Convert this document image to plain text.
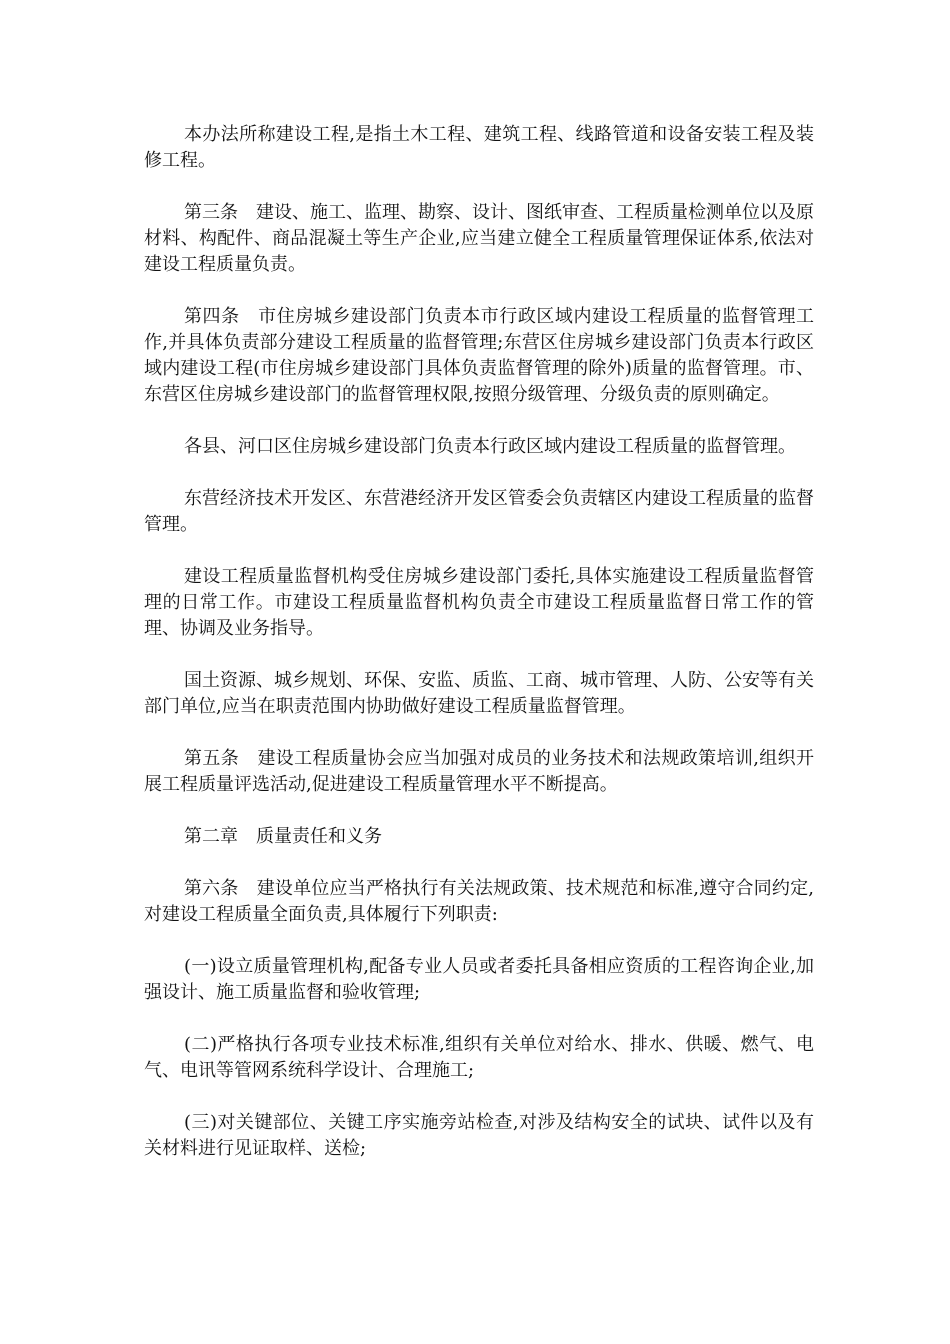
本办法所称建设工程,是指土木工程、建筑工程、线路管道和设备安装工程及装修工程。

第三条　建设、施工、监理、勘察、设计、图纸审查、工程质量检测单位以及原材料、构配件、商品混凝土等生产企业,应当建立健全工程质量管理保证体系,依法对建设工程质量负责。

第四条　市住房城乡建设部门负责本市行政区域内建设工程质量的监督管理工作,并具体负责部分建设工程质量的监督管理;东营区住房城乡建设部门负责本行政区域内建设工程(市住房城乡建设部门具体负责监督管理的除外)质量的监督管理。市、东营区住房城乡建设部门的监督管理权限,按照分级管理、分级负责的原则确定。

各县、河口区住房城乡建设部门负责本行政区域内建设工程质量的监督管理。

东营经济技术开发区、东营港经济开发区管委会负责辖区内建设工程质量的监督管理。

建设工程质量监督机构受住房城乡建设部门委托,具体实施建设工程质量监督管理的日常工作。市建设工程质量监督机构负责全市建设工程质量监督日常工作的管理、协调及业务指导。

国土资源、城乡规划、环保、安监、质监、工商、城市管理、人防、公安等有关部门单位,应当在职责范围内协助做好建设工程质量监督管理。

第五条　建设工程质量协会应当加强对成员的业务技术和法规政策培训,组织开展工程质量评选活动,促进建设工程质量管理水平不断提高。

第二章　质量责任和义务

第六条　建设单位应当严格执行有关法规政策、技术规范和标准,遵守合同约定,对建设工程质量全面负责,具体履行下列职责:

(一)设立质量管理机构,配备专业人员或者委托具备相应资质的工程咨询企业,加强设计、施工质量监督和验收管理;

(二)严格执行各项专业技术标准,组织有关单位对给水、排水、供暖、燃气、电气、电讯等管网系统科学设计、合理施工;

(三)对关键部位、关键工序实施旁站检查,对涉及结构安全的试块、试件以及有关材料进行见证取样、送检;
